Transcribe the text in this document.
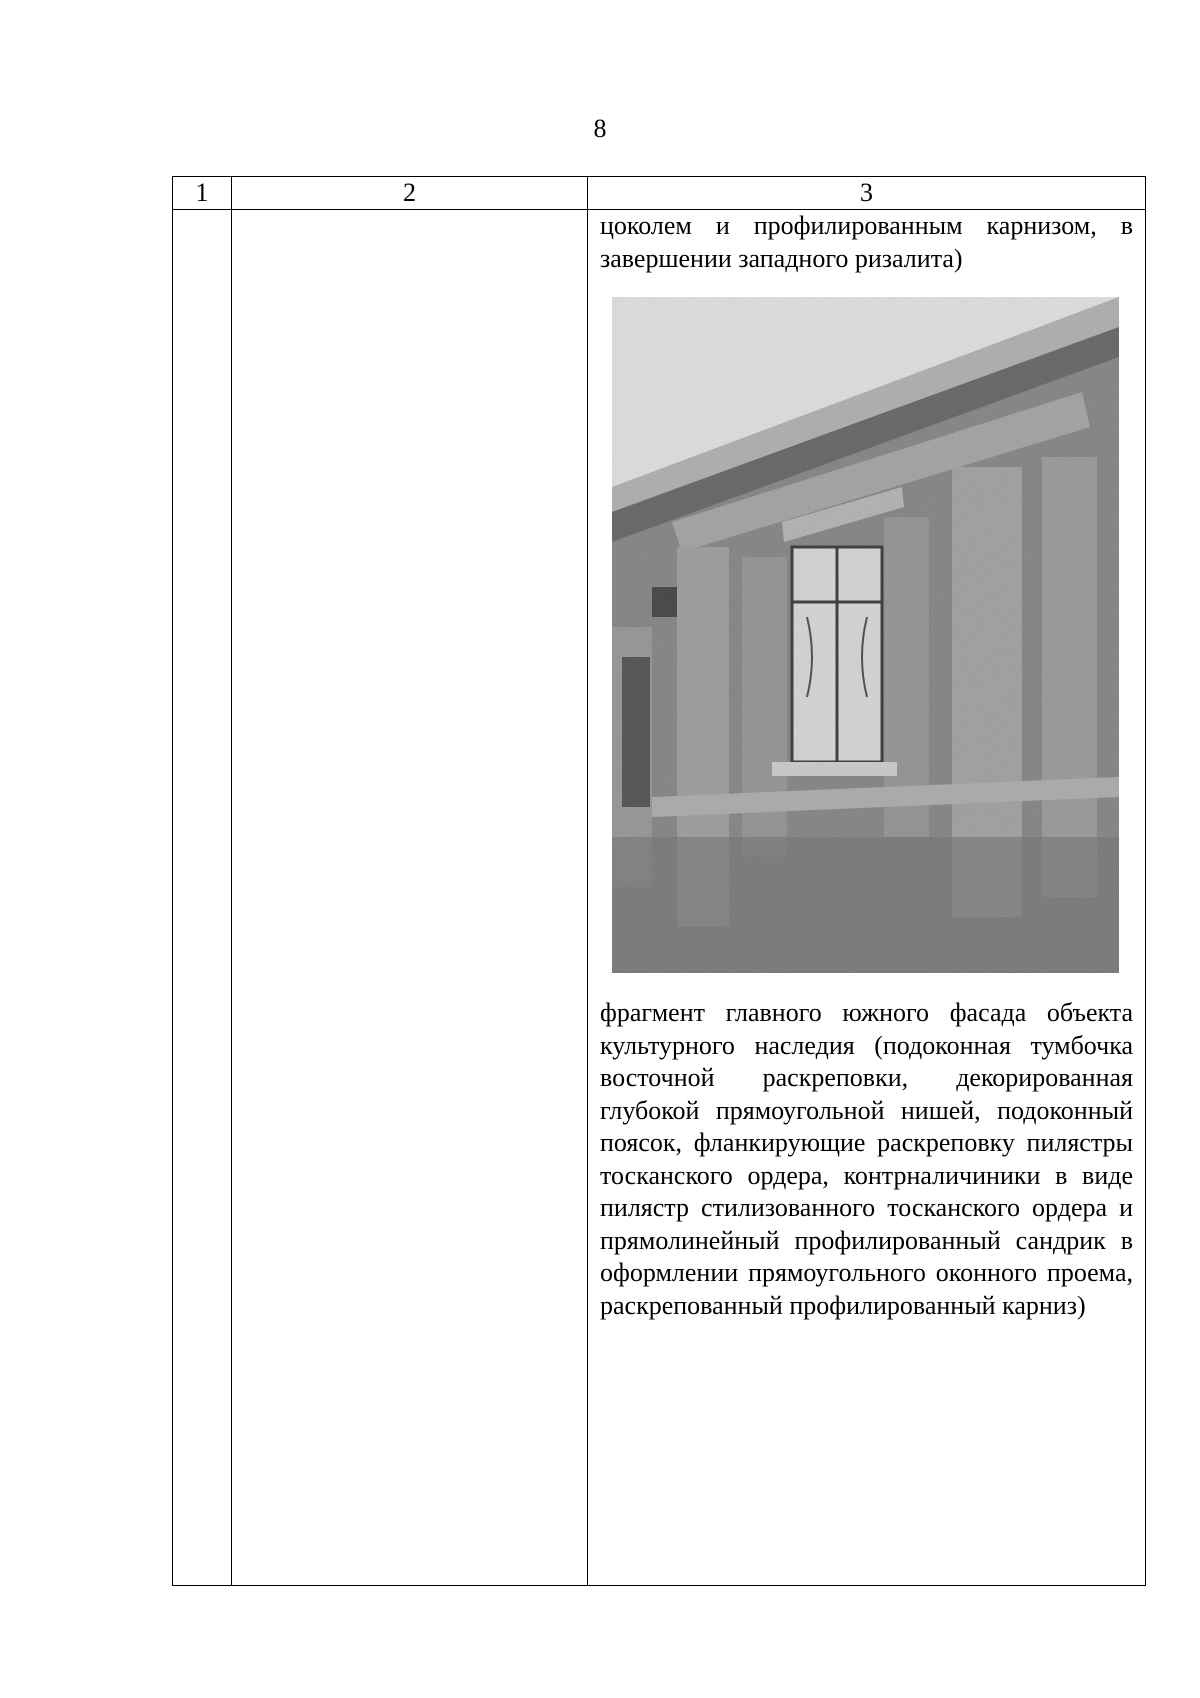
8
1	2	3

		цоколем и профилированным карнизом, в завершении западного ризалита)
фрагмент главного южного фасада объекта культурного наследия (подоконная тумбочка восточной раскреповки, декорированная глубокой прямоугольной нишей, подоконный поясок, фланкирующие раскреповку пилястры тосканского ордера, контрналичиники в виде пилястр стилизованного тосканского ордера и прямолинейный профилированный сандрик в оформлении прямоугольного оконного проема, раскрепованный профилированный карниз)
